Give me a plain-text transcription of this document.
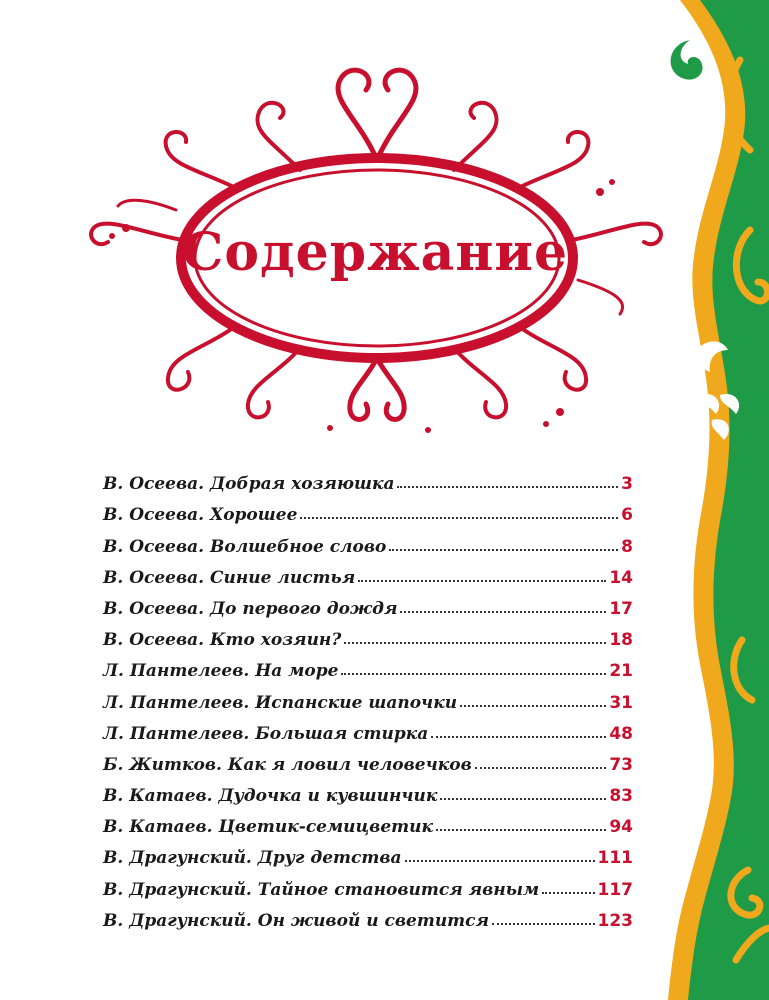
Содержание
В. Осеева. Добрая хозяюшка	3
В. Осеева. Хорошее	6
В. Осеева. Волшебное слово	8
В. Осеева. Синие листья	14
В. Осеева. До первого дождя	17
В. Осеева. Кто хозяин?	18
Л. Пантелеев. На море	21
Л. Пантелеев. Испанские шапочки	31
Л. Пантелеев. Большая стирка	48
Б. Житков. Как я ловил человечков	73
В. Катаев. Дудочка и кувшинчик	83
В. Катаев. Цветик-семицветик	94
В. Драгунский. Друг детства	111
В. Драгунский. Тайное становится явным	117
В. Драгунский. Он живой и светится	123
